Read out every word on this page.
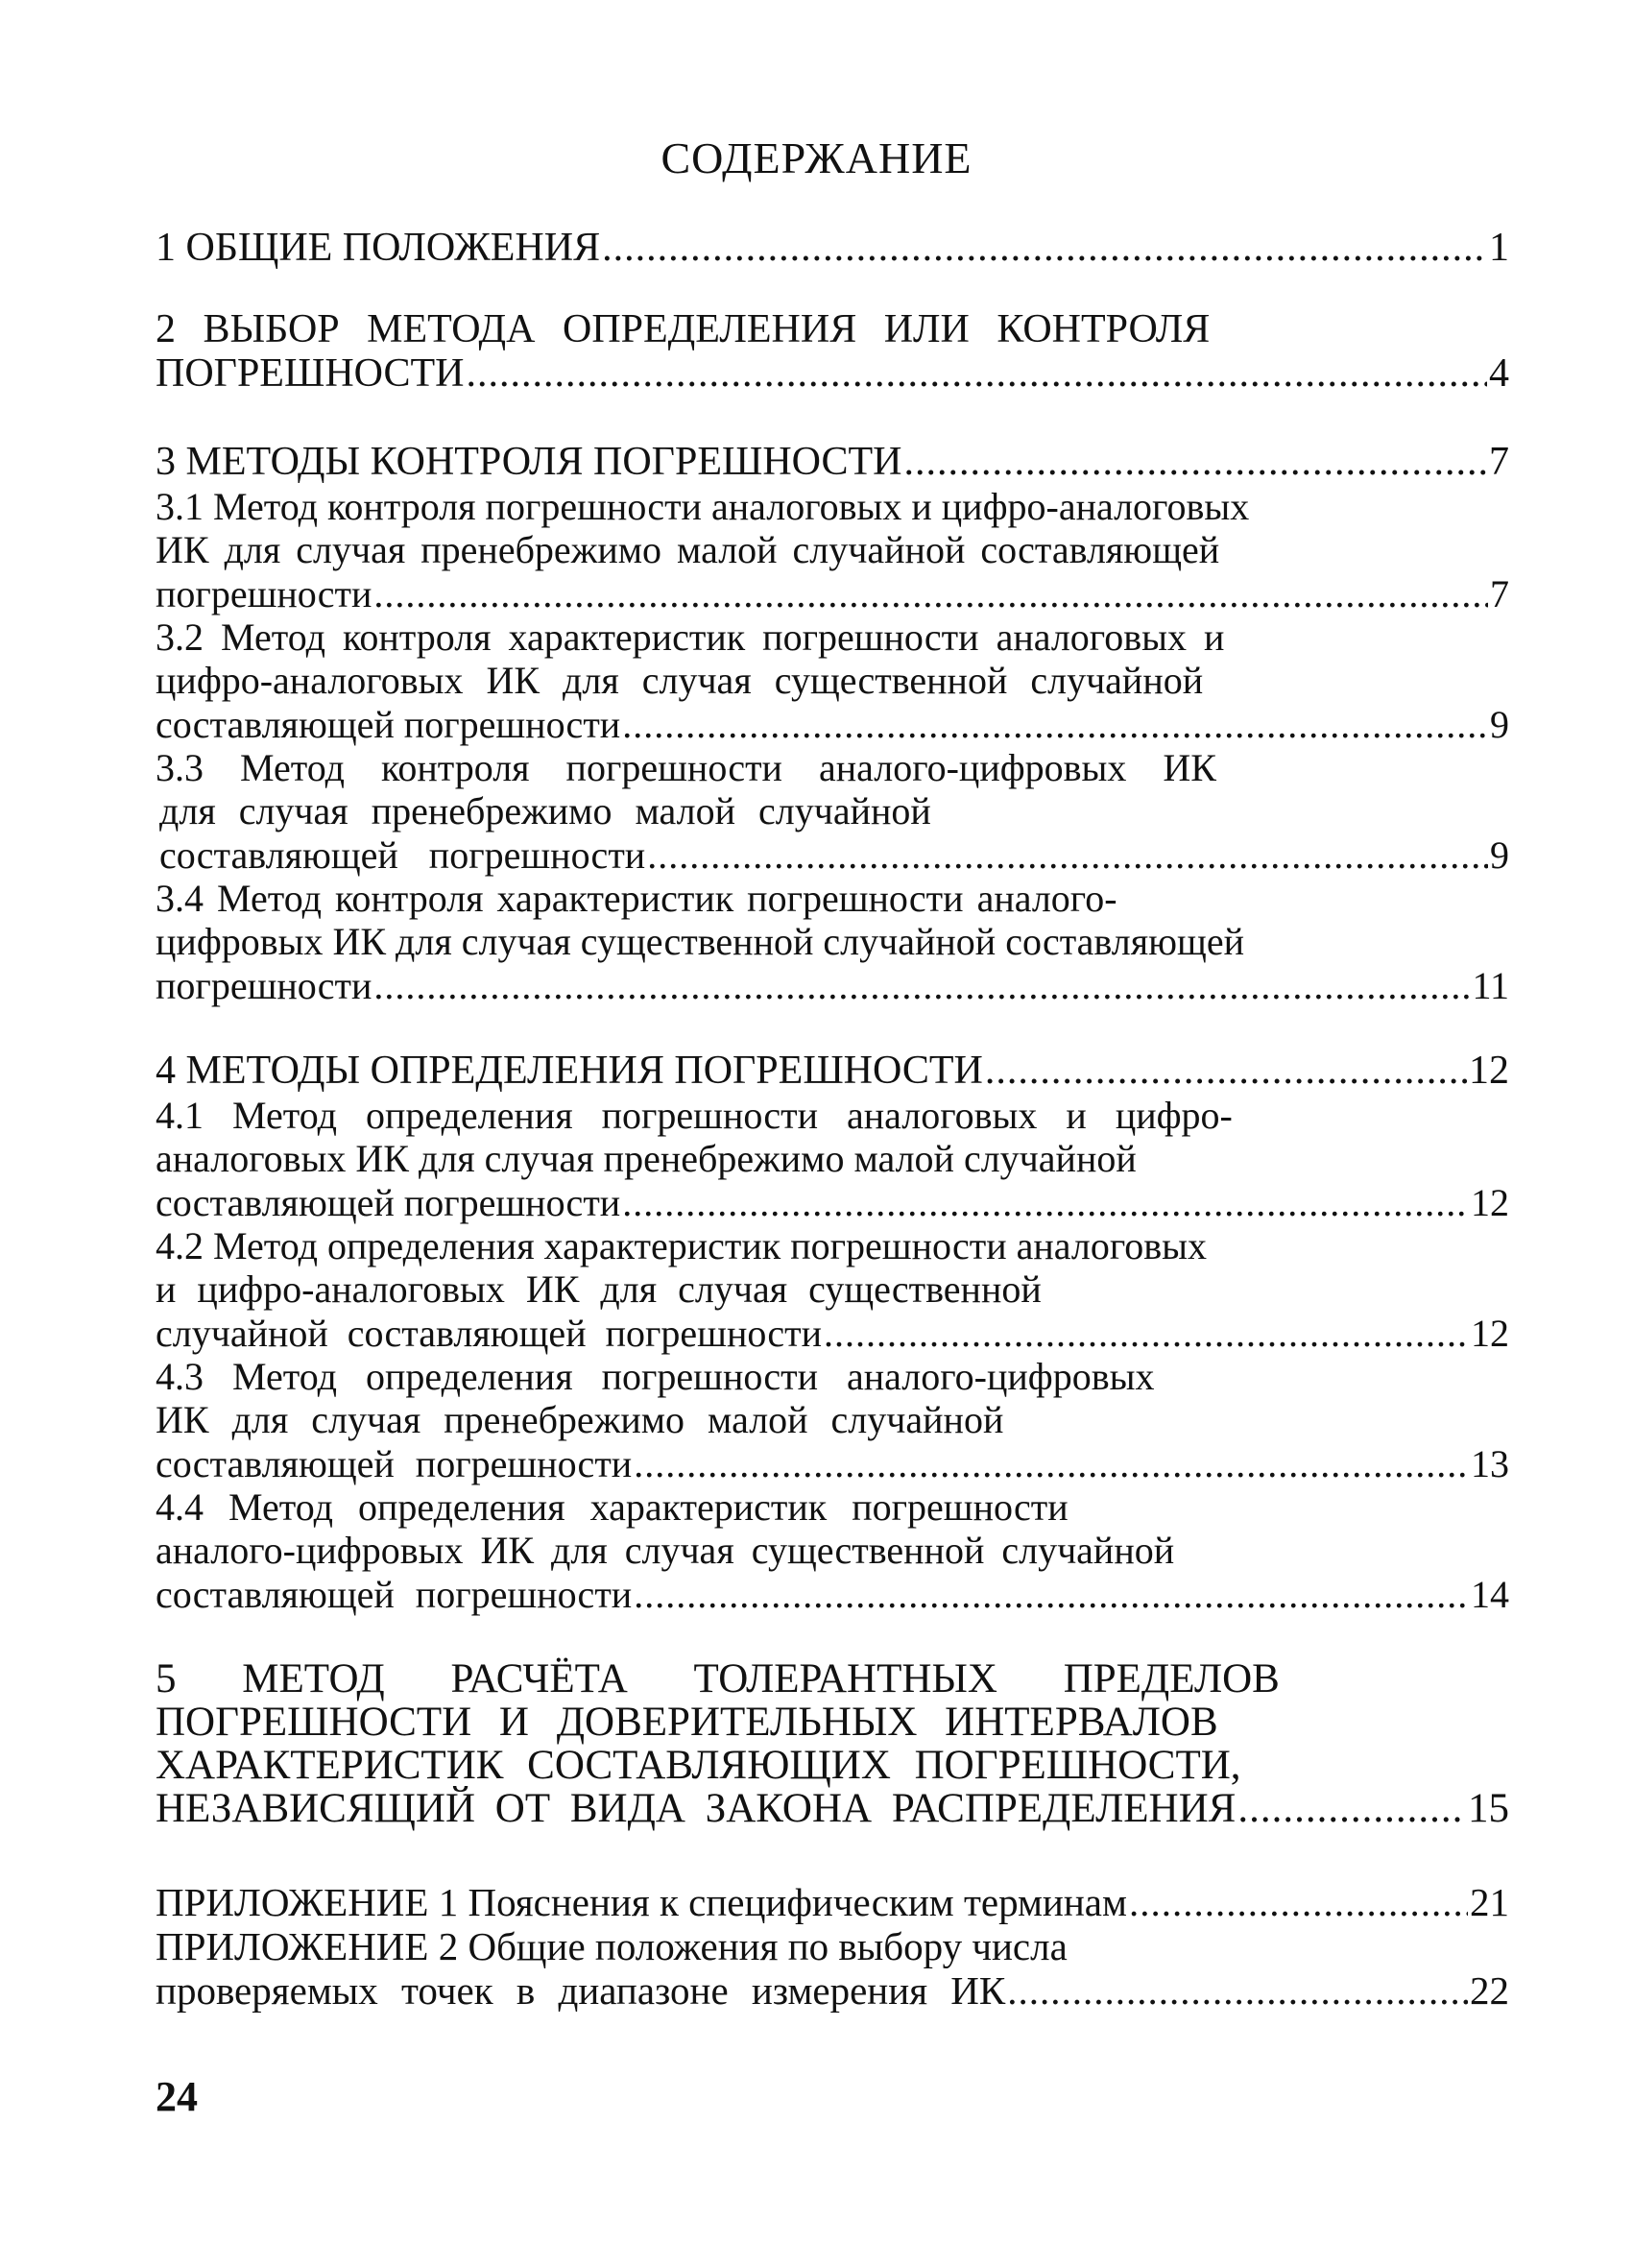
СОДЕРЖАНИЕ
1 ОБЩИЕ ПОЛОЖЕНИЯ .....	1
2 ВЫБОР МЕТОДА ОПРЕДЕЛЕНИЯ ИЛИ КОНТРОЛЯ
ПОГРЕШНОСТИ .....	4
3 МЕТОДЫ КОНТРОЛЯ ПОГРЕШНОСТИ .....	7
3.1 Метод контроля погрешности аналоговых и цифро-аналоговых
ИК для случая пренебрежимо малой случайной составляющей
погрешности .....	7
3.2 Метод контроля характеристик погрешности аналоговых и
цифро-аналоговых ИК для случая существенной случайной
составляющей погрешности .....	9
3.3 Метод контроля погрешности аналого-цифровых ИК
для случая пренебрежимо малой случайной
составляющей погрешности .....	9
3.4 Метод контроля характеристик погрешности аналого-
цифровых ИК для случая существенной случайной составляющей
погрешности .....	11
4 МЕТОДЫ ОПРЕДЕЛЕНИЯ ПОГРЕШНОСТИ .....	12
4.1 Метод определения погрешности аналоговых и цифро-
аналоговых ИК для случая пренебрежимо малой случайной
составляющей погрешности .....	12
4.2 Метод определения характеристик погрешности аналоговых
и цифро-аналоговых ИК для случая существенной
случайной составляющей погрешности .....	12
4.3 Метод определения погрешности аналого-цифровых
ИК для случая пренебрежимо малой случайной
составляющей погрешности .....	13
4.4 Метод определения характеристик погрешности
аналого-цифровых ИК для случая существенной случайной
составляющей погрешности .....	14
5 МЕТОД РАСЧЁТА ТОЛЕРАНТНЫХ ПРЕДЕЛОВ
ПОГРЕШНОСТИ И ДОВЕРИТЕЛЬНЫХ ИНТЕРВАЛОВ
ХАРАКТЕРИСТИК СОСТАВЛЯЮЩИХ ПОГРЕШНОСТИ,
НЕЗАВИСЯЩИЙ ОТ ВИДА ЗАКОНА РАСПРЕДЕЛЕНИЯ .....	15
ПРИЛОЖЕНИЕ 1 Пояснения к специфическим терминам .....	21
ПРИЛОЖЕНИЕ 2 Общие положения по выбору числа
проверяемых точек в диапазоне измерения ИК .....	22
24
